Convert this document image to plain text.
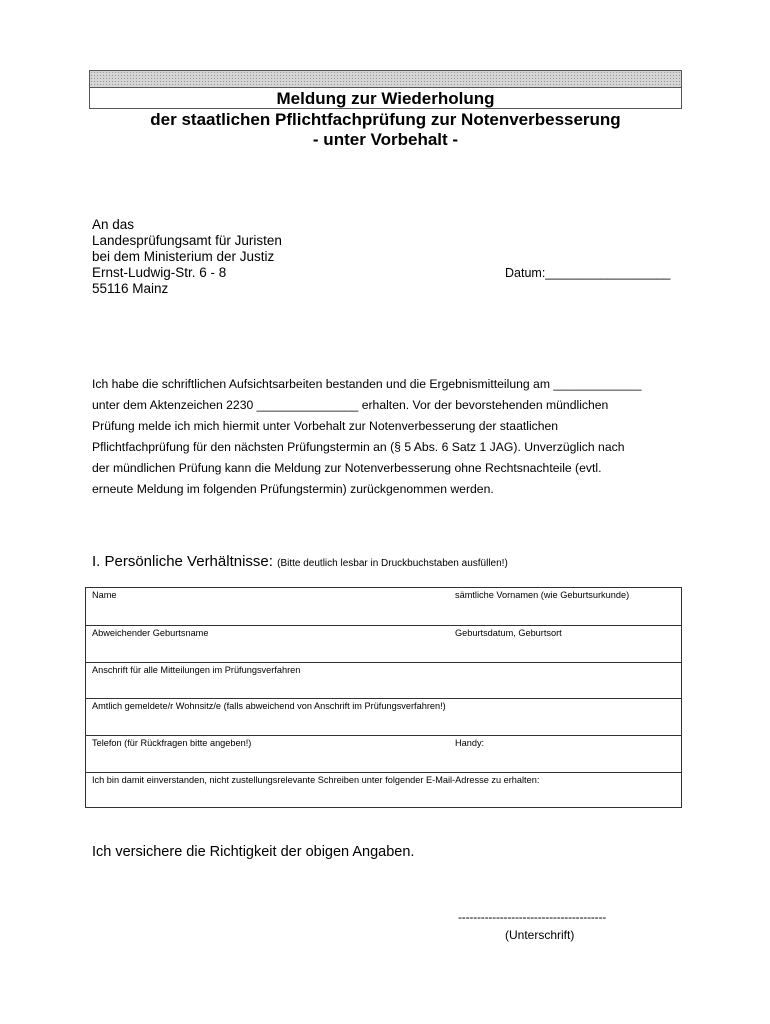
Meldung zur Wiederholung
der staatlichen Pflichtfachprüfung zur Notenverbesserung
- unter Vorbehalt -
An das
Landesprüfungsamt für Juristen
bei dem Ministerium der Justiz
Ernst-Ludwig-Str. 6 - 8
55116 Mainz
Datum:__________________
Ich habe die schriftlichen Aufsichtsarbeiten bestanden und die Ergebnismitteilung am _____________
unter dem Aktenzeichen 2230 _______________ erhalten. Vor der bevorstehenden mündlichen
Prüfung melde ich mich hiermit unter Vorbehalt zur Notenverbesserung der staatlichen
Pflichtfachprüfung für den nächsten Prüfungstermin an (§ 5 Abs. 6 Satz 1 JAG). Unverzüglich nach
der mündlichen Prüfung kann die Meldung zur Notenverbesserung ohne Rechtsnachteile (evtl.
erneute Meldung im folgenden Prüfungstermin) zurückgenommen werden.
I. Persönliche Verhältnisse: (Bitte deutlich lesbar in Druckbuchstaben ausfüllen!)
Name	sämtliche Vornamen (wie Geburtsurkunde)
Abweichender Geburtsname	Geburtsdatum, Geburtsort
Anschrift für alle Mitteilungen im Prüfungsverfahren
Amtlich gemeldete/r Wohnsitz/e (falls abweichend von Anschrift im Prüfungsverfahren!)
Telefon (für Rückfragen bitte angeben!)	Handy:
Ich bin damit einverstanden, nicht zustellungsrelevante Schreiben unter folgender E-Mail-Adresse zu erhalten:
Ich versichere die Richtigkeit der obigen Angaben.
---------------------------------------
(Unterschrift)
